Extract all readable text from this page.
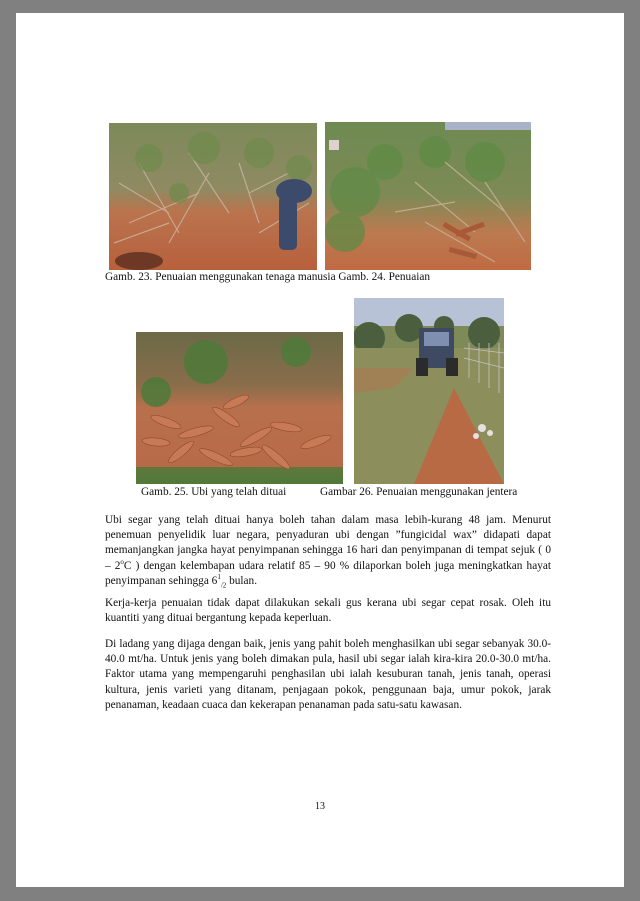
Gamb. 23. Penuaian menggunakan tenaga manusia Gamb. 24. Penuaian
Gamb. 25. Ubi yang telah dituai	Gambar 26. Penuaian menggunakan jentera

Ubi segar yang telah dituai hanya boleh tahan dalam masa lebih-kurang 48 jam. Menurut penemuan penyelidik luar negara, penyaduran ubi dengan ”fungicidal wax” didapati dapat memanjangkan jangka hayat penyimpanan sehingga 16 hari dan penyimpanan di tempat sejuk ( 0 – 2$^o$C ) dengan kelembapan udara relatif 85 – 90 % dilaporkan boleh juga meningkatkan hayat penyimpanan sehingga $6^1_{/2}$ bulan.

Kerja-kerja penuaian tidak dapat dilakukan sekali gus kerana ubi segar cepat rosak. Oleh itu kuantiti yang dituai bergantung kepada keperluan.

Di ladang yang dijaga dengan baik, jenis yang pahit boleh menghasilkan ubi segar sebanyak 30.0-40.0 mt/ha. Untuk jenis yang boleh dimakan pula, hasil ubi segar ialah kira-kira 20.0-30.0 mt/ha. Faktor utama yang mempengaruhi penghasilan ubi ialah kesuburan tanah, jenis tanah, operasi kultura, jenis varieti yang ditanam, penjagaan pokok, penggunaan baja, umur pokok, jarak penanaman, keadaan cuaca dan kekerapan penanaman pada satu-satu kawasan.

13
